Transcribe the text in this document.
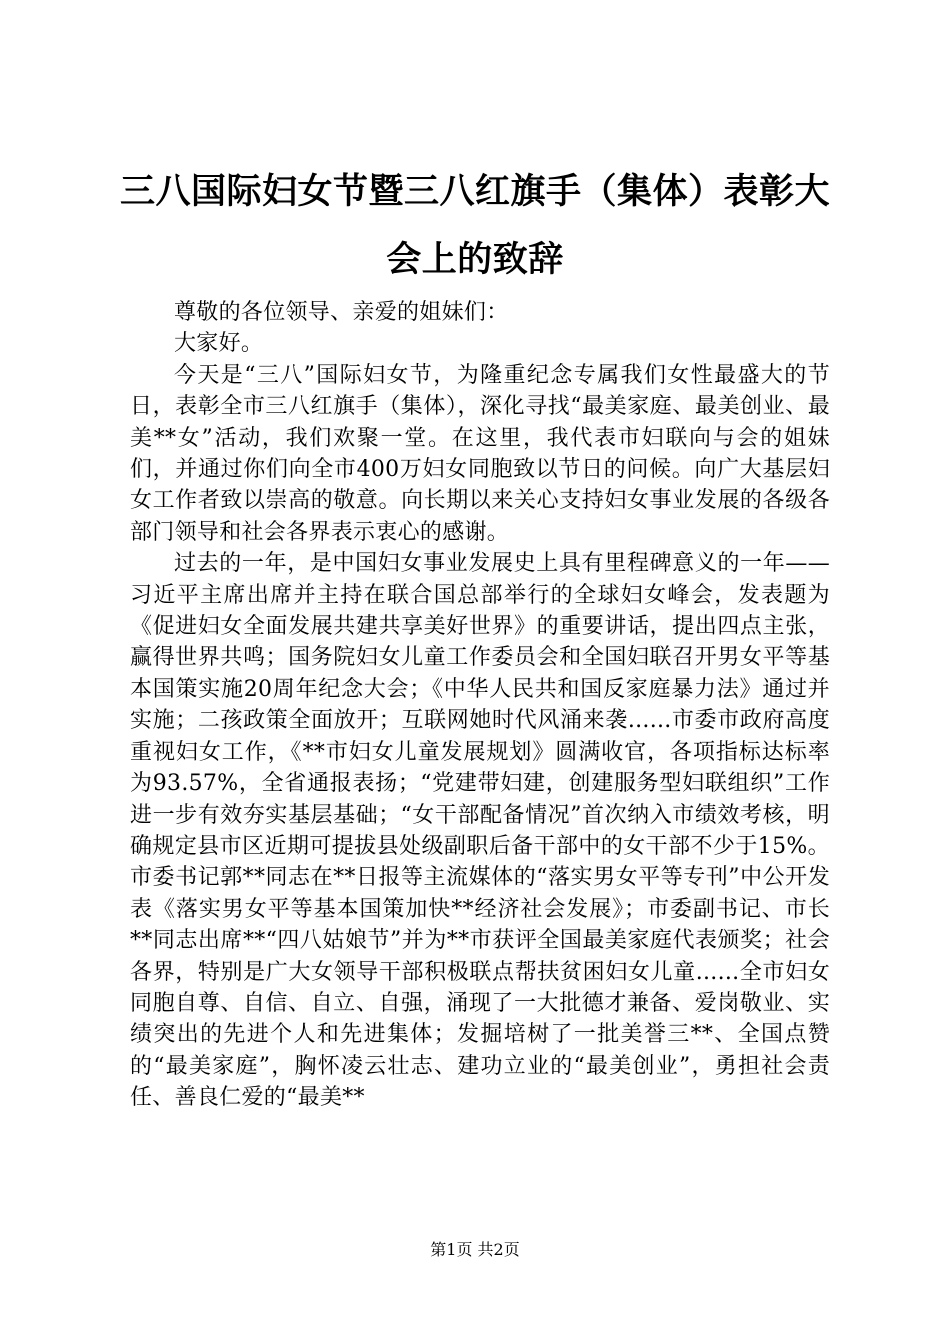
三八国际妇女节暨三八红旗手（集体）表彰大会上的致辞

尊敬的各位领导、亲爱的姐妹们：

大家好。

今天是“三八”国际妇女节，为隆重纪念专属我们女性最盛大的节日，表彰全市三八红旗手（集体），深化寻找“最美家庭、最美创业、最美**女”活动，我们欢聚一堂。在这里，我代表市妇联向与会的姐妹们，并通过你们向全市400万妇女同胞致以节日的问候。向广大基层妇女工作者致以崇高的敬意。向长期以来关心支持妇女事业发展的各级各部门领导和社会各界表示衷心的感谢。

过去的一年，是中国妇女事业发展史上具有里程碑意义的一年——习近平主席出席并主持在联合国总部举行的全球妇女峰会，发表题为《促进妇女全面发展共建共享美好世界》的重要讲话，提出四点主张，赢得世界共鸣；国务院妇女儿童工作委员会和全国妇联召开男女平等基本国策实施20周年纪念大会；《中华人民共和国反家庭暴力法》通过并实施；二孩政策全面放开；互联网她时代风涌来袭......市委市政府高度重视妇女工作，《**市妇女儿童发展规划》圆满收官，各项指标达标率为93.57%，全省通报表扬；“党建带妇建，创建服务型妇联组织”工作进一步有效夯实基层基础；“女干部配备情况”首次纳入市绩效考核，明确规定县市区近期可提拔县处级副职后备干部中的女干部不少于15%。市委书记郭**同志在**日报等主流媒体的“落实男女平等专刊”中公开发表《落实男女平等基本国策加快**经济社会发展》；市委副书记、市长**同志出席**“四八姑娘节”并为**市获评全国最美家庭代表颁奖；社会各界，特别是广大女领导干部积极联点帮扶贫困妇女儿童......全市妇女同胞自尊、自信、自立、自强，涌现了一大批德才兼备、爱岗敬业、实绩突出的先进个人和先进集体；发掘培树了一批美誉三**、全国点赞的“最美家庭”，胸怀凌云壮志、建功立业的“最美创业”，勇担社会责任、善良仁爱的“最美**

第1页 共2页
